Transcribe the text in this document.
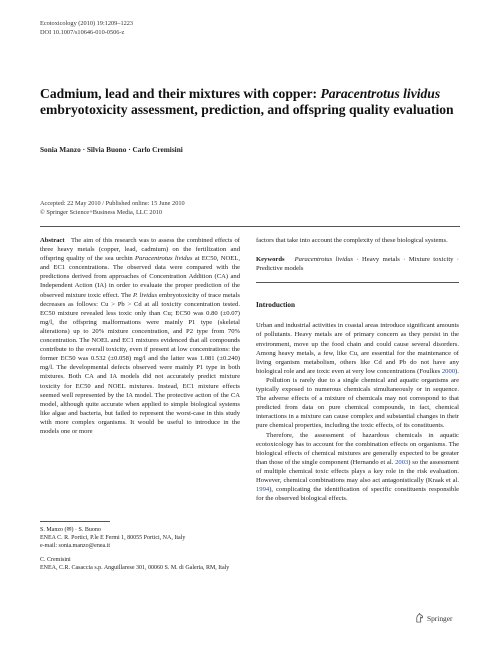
Ecotoxicology (2010) 19:1209–1223
DOI 10.1007/s10646-010-0506-z
Cadmium, lead and their mixtures with copper: Paracentrotus lividus embryotoxicity assessment, prediction, and offspring quality evaluation
Sonia Manzo · Silvia Buono · Carlo Cremisini
Accepted: 22 May 2010 / Published online: 15 June 2010
© Springer Science+Business Media, LLC 2010

Abstract The aim of this research was to assess the combined effects of three heavy metals (copper, lead, cadmium) on the fertilization and offspring quality of the sea urchin Paracentrotus lividus at EC50, NOEL, and EC1 concentrations. The observed data were compared with the predictions derived from approaches of Concentration Addition (CA) and Independent Action (IA) in order to evaluate the proper prediction of the observed mixture toxic effect. The P. lividus embryotoxicity of trace metals decreases as follows: Cu > Pb > Cd at all toxicity concentration tested. EC50 mixture revealed less toxic only than Cu; EC50 was 0.80 (±0.07) mg/l, the offspring malformations were mainly P1 type (skeletal alterations) up to 20% mixture concentration, and P2 type from 70% concentration. The NOEL and EC1 mixtures evidenced that all compounds contribute to the overall toxicity, even if present at low concentrations: the former EC50 was 0.532 (±0.058) mg/l and the latter was 1.081 (±0.240) mg/l. The developmental defects observed were mainly P1 type in both mixtures. Both CA and IA models did not accurately predict mixture toxicity for EC50 and NOEL mixtures. Instead, EC1 mixture effects seemed well represented by the IA model. The protective action of the CA model, although quite accurate when applied to simple biological systems like algae and bacteria, but failed to represent the worst-case in this study with more complex organisms. It would be useful to introduce in the models one or more

factors that take into account the complexity of these biological systems.

Keywords Paracentrotus lividus · Heavy metals · Mixture toxicity · Predictive models

Introduction

Urban and industrial activities in coastal areas introduce significant amounts of pollutants. Heavy metals are of primary concern as they persist in the environment, move up the food chain and could cause several disorders. Among heavy metals, a few, like Cu, are essential for the maintenance of living organism metabolism, others like Cd and Pb do not have any biological role and are toxic even at very low concentrations (Foulkes 2000).

Pollution is rarely due to a single chemical and aquatic organisms are typically exposed to numerous chemicals simultaneously or in sequence. The adverse effects of a mixture of chemicals may not correspond to that predicted from data on pure chemical compounds, in fact, chemical interactions in a mixture can cause complex and substantial changes in their pure chemical properties, including the toxic effects, of its constituents.

Therefore, the assessment of hazardous chemicals in aquatic ecotoxicology has to account for the combination effects on organisms. The biological effects of chemical mixtures are generally expected to be greater than those of the single component (Hernando et al. 2003) so the assessment of multiple chemical toxic effects plays a key role in the risk evaluation. However, chemical combinations may also act antagonistically (Kraak et al. 1994), complicating the identification of specific constituents responsible for the observed biological effects.

S. Manzo (✉) · S. Buono
ENEA C. R. Portici, P.le E Fermi 1, 80055 Portici, NA, Italy
e-mail: sonia.manzo@enea.it
C. Cremisini
ENEA, C.R. Casaccia s.p. Anguillarese 301, 00060 S. M. di Galeria, RM, Italy
Springer
